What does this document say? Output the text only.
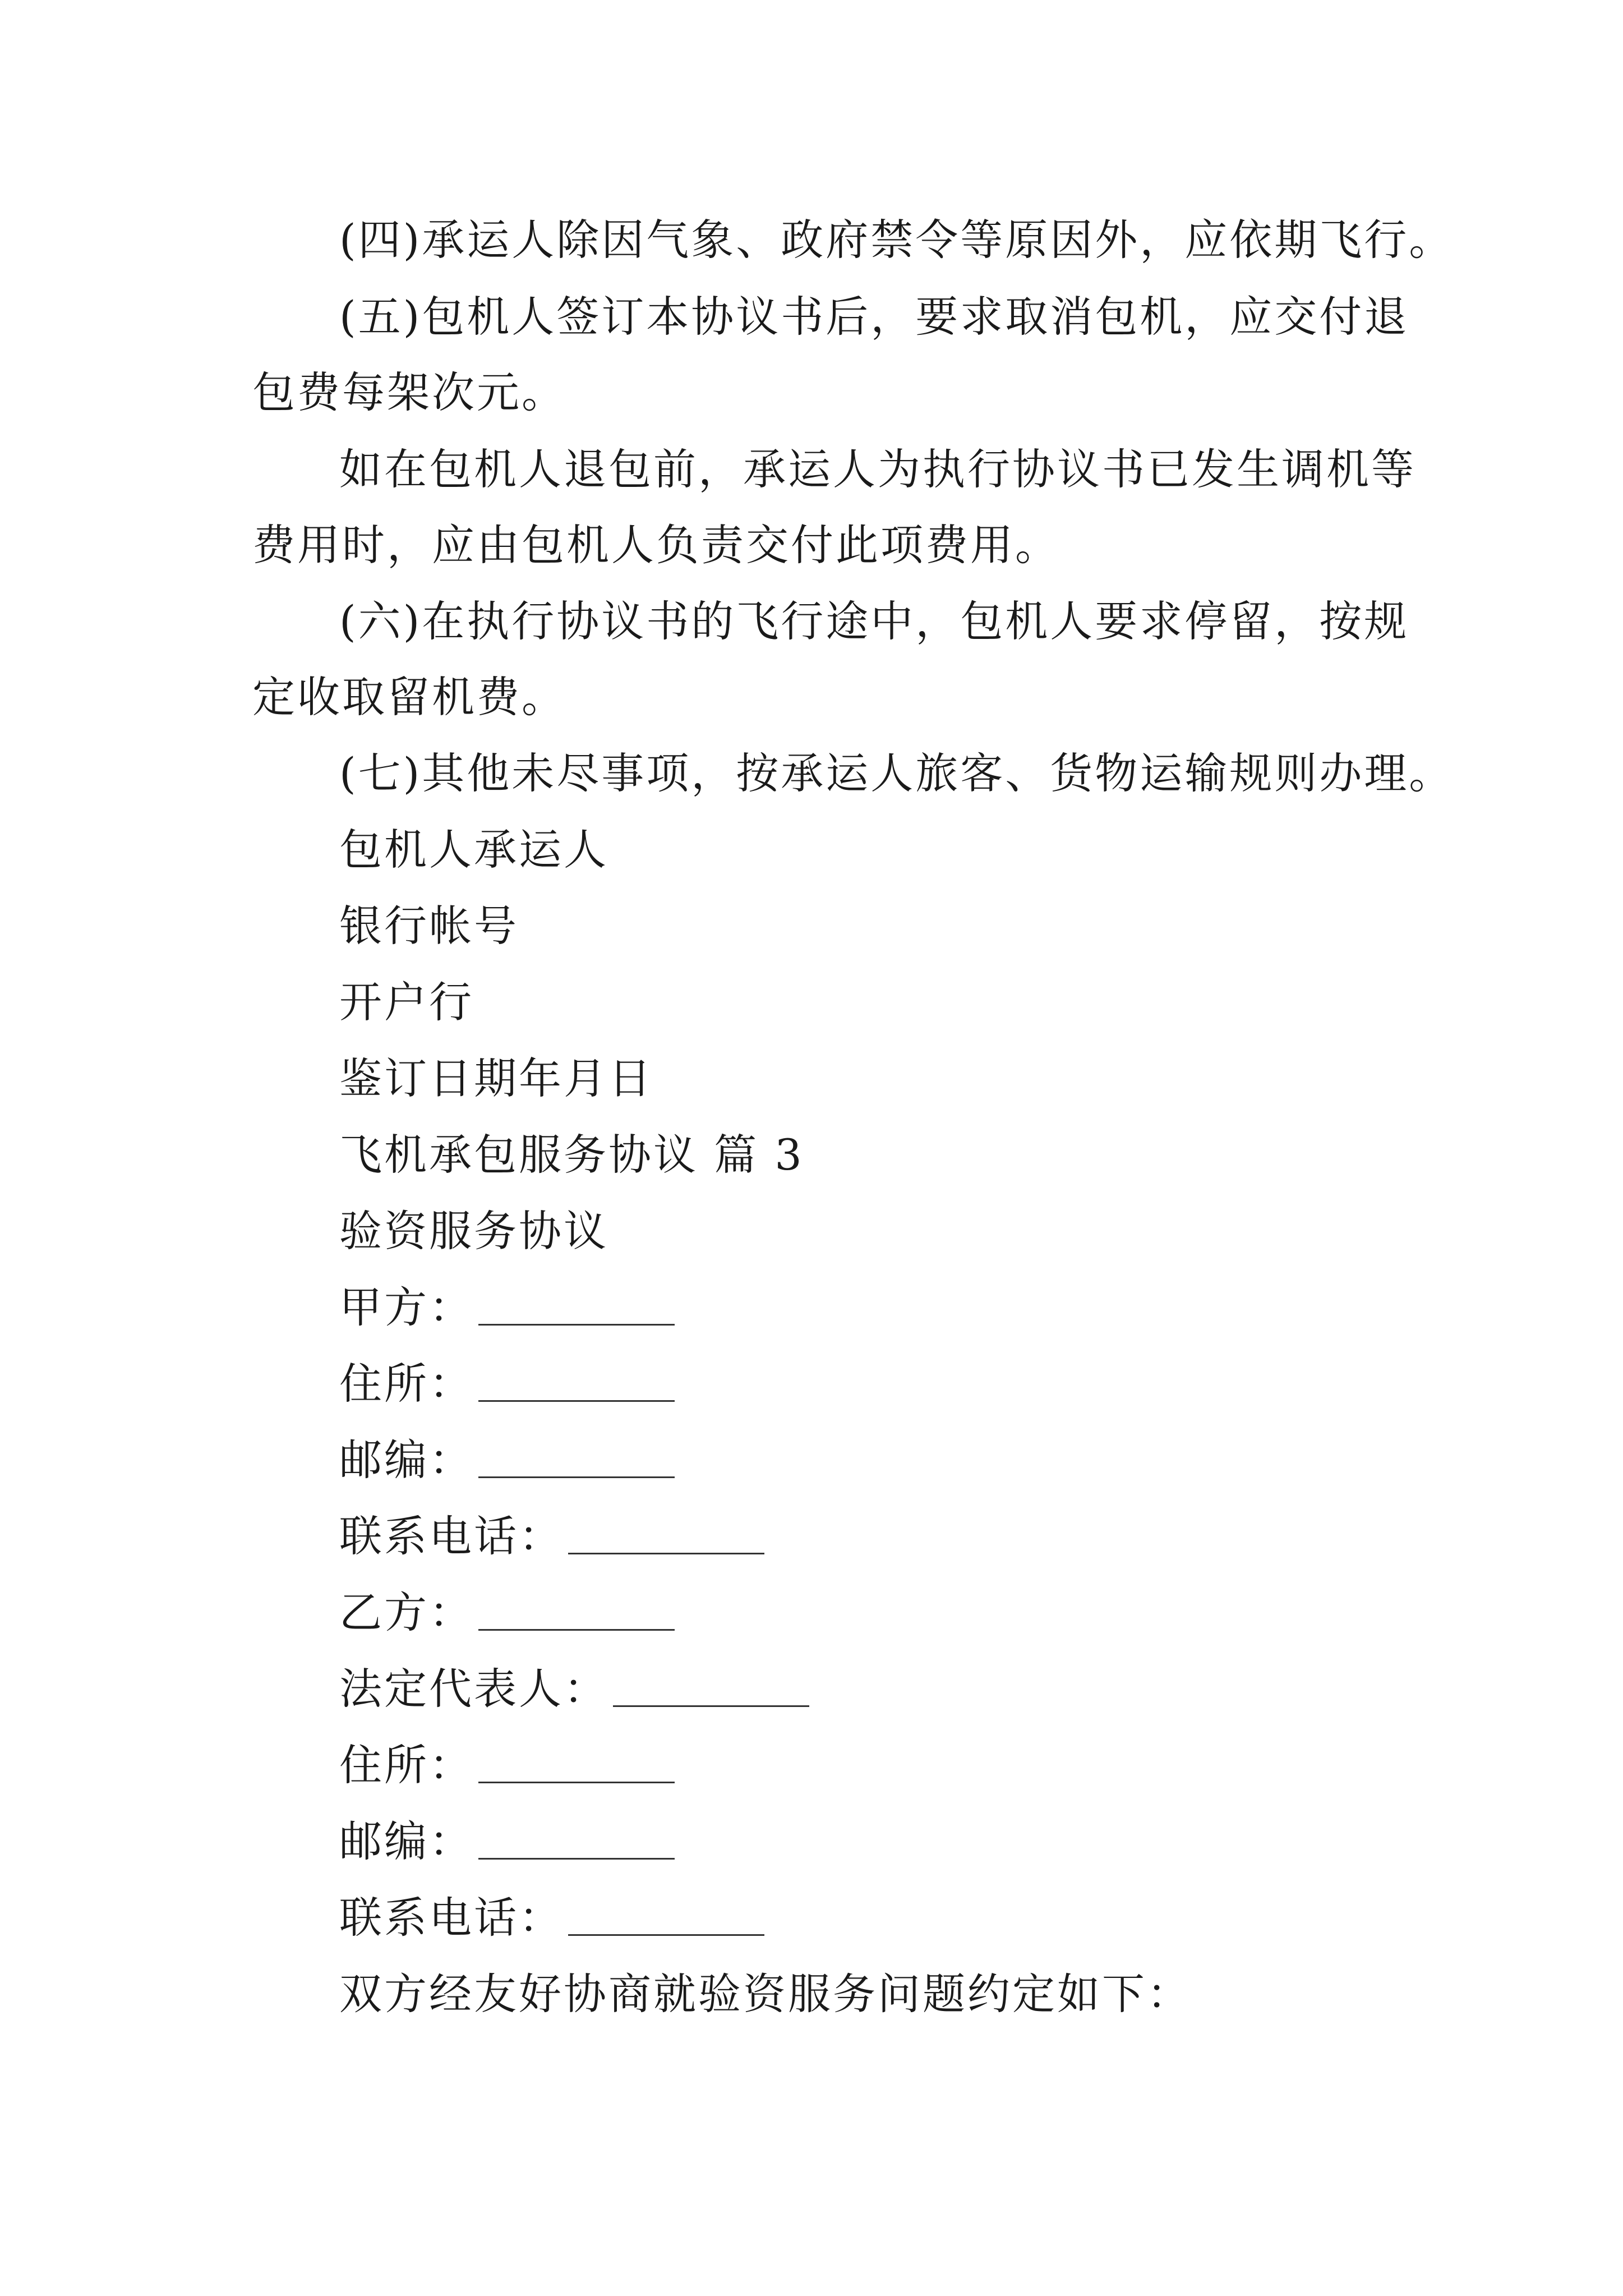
(四)承运人除因气象、政府禁令等原因外，应依期飞行。
(五)包机人签订本协议书后，要求取消包机，应交付退
包费每架次元。
如在包机人退包前，承运人为执行协议书已发生调机等
费用时，应由包机人负责交付此项费用。
(六)在执行协议书的飞行途中，包机人要求停留，按规
定收取留机费。
(七)其他未尽事项，按承运人旅客、货物运输规则办理。
包机人承运人
银行帐号
开户行
鉴订日期年月日
飞机承包服务协议 篇 3
验资服务协议
甲方：
住所：
邮编：
联系电话：
乙方：
法定代表人：
住所：
邮编：
联系电话：
双方经友好协商就验资服务问题约定如下：
